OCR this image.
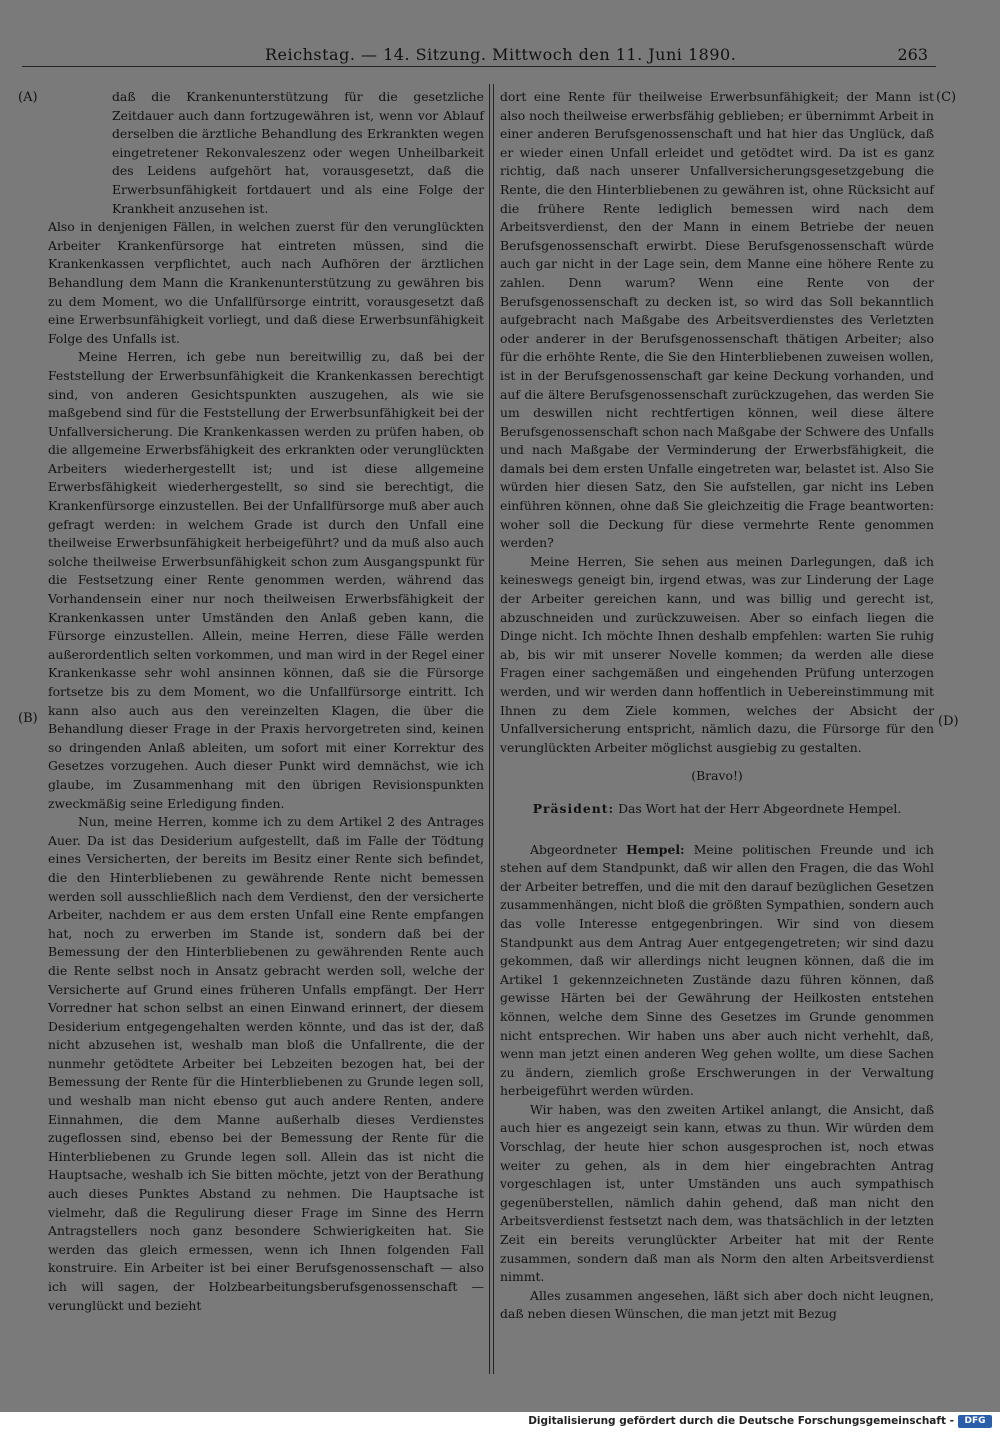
Reichstag. — 14. Sitzung. Mittwoch den 11. Juni 1890.	263
(A)
(B)
(C)
(D)

daß die Krankenunterstützung für die gesetzliche Zeitdauer auch dann fortzugewähren ist, wenn vor Ablauf derselben die ärztliche Behandlung des Erkrankten wegen eingetretener Rekonvaleszenz oder wegen Unheilbarkeit des Leidens aufgehört hat, vorausgesetzt, daß die Erwerbsunfähigkeit fortdauert und als eine Folge der Krankheit anzusehen ist.

Also in denjenigen Fällen, in welchen zuerst für den verunglückten Arbeiter Krankenfürsorge hat eintreten müssen, sind die Krankenkassen verpflichtet, auch nach Aufhören der ärztlichen Behandlung dem Mann die Krankenunterstützung zu gewähren bis zu dem Moment, wo die Unfallfürsorge eintritt, vorausgesetzt daß eine Erwerbsunfähigkeit vorliegt, und daß diese Erwerbsunfähigkeit Folge des Unfalls ist.

Meine Herren, ich gebe nun bereitwillig zu, daß bei der Feststellung der Erwerbsunfähigkeit die Krankenkassen berechtigt sind, von anderen Gesichtspunkten auszugehen, als wie sie maßgebend sind für die Feststellung der Erwerbsunfähigkeit bei der Unfallversicherung. Die Krankenkassen werden zu prüfen haben, ob die allgemeine Erwerbsfähigkeit des erkrankten oder verunglückten Arbeiters wiederhergestellt ist; und ist diese allgemeine Erwerbsfähigkeit wiederhergestellt, so sind sie berechtigt, die Krankenfürsorge einzustellen. Bei der Unfallfürsorge muß aber auch gefragt werden: in welchem Grade ist durch den Unfall eine theilweise Erwerbsunfähigkeit herbeigeführt? und da muß also auch solche theilweise Erwerbsunfähigkeit schon zum Ausgangspunkt für die Festsetzung einer Rente genommen werden, während das Vorhandensein einer nur noch theilweisen Erwerbsfähigkeit der Krankenkassen unter Umständen den Anlaß geben kann, die Fürsorge einzustellen. Allein, meine Herren, diese Fälle werden außerordentlich selten vorkommen, und man wird in der Regel einer Krankenkasse sehr wohl ansinnen können, daß sie die Fürsorge fortsetze bis zu dem Moment, wo die Unfallfürsorge eintritt. Ich kann also auch aus den vereinzelten Klagen, die über die Behandlung dieser Frage in der Praxis hervorgetreten sind, keinen so dringenden Anlaß ableiten, um sofort mit einer Korrektur des Gesetzes vorzugehen. Auch dieser Punkt wird demnächst, wie ich glaube, im Zusammenhang mit den übrigen Revisionspunkten zweckmäßig seine Erledigung finden.

Nun, meine Herren, komme ich zu dem Artikel 2 des Antrages Auer. Da ist das Desiderium aufgestellt, daß im Falle der Tödtung eines Versicherten, der bereits im Besitz einer Rente sich befindet, die den Hinterbliebenen zu gewährende Rente nicht bemessen werden soll ausschließlich nach dem Verdienst, den der versicherte Arbeiter, nachdem er aus dem ersten Unfall eine Rente empfangen hat, noch zu erwerben im Stande ist, sondern daß bei der Bemessung der den Hinterbliebenen zu gewährenden Rente auch die Rente selbst noch in Ansatz gebracht werden soll, welche der Versicherte auf Grund eines früheren Unfalls empfängt. Der Herr Vorredner hat schon selbst an einen Einwand erinnert, der diesem Desiderium entgegengehalten werden könnte, und das ist der, daß nicht abzusehen ist, weshalb man bloß die Unfallrente, die der nunmehr getödtete Arbeiter bei Lebzeiten bezogen hat, bei der Bemessung der Rente für die Hinterbliebenen zu Grunde legen soll, und weshalb man nicht ebenso gut auch andere Renten, andere Einnahmen, die dem Manne außerhalb dieses Verdienstes zugeflossen sind, ebenso bei der Bemessung der Rente für die Hinterbliebenen zu Grunde legen soll. Allein das ist nicht die Hauptsache, weshalb ich Sie bitten möchte, jetzt von der Berathung auch dieses Punktes Abstand zu nehmen. Die Hauptsache ist vielmehr, daß die Regulirung dieser Frage im Sinne des Herrn Antragstellers noch ganz besondere Schwierigkeiten hat. Sie werden das gleich ermessen, wenn ich Ihnen folgenden Fall konstruire. Ein Arbeiter ist bei einer Berufsgenossenschaft — also ich will sagen, der Holzbearbeitungsberufsgenossenschaft — verunglückt und bezieht

dort eine Rente für theilweise Erwerbsunfähigkeit; der Mann ist also noch theilweise erwerbsfähig geblieben; er übernimmt Arbeit in einer anderen Berufsgenossenschaft und hat hier das Unglück, daß er wieder einen Unfall erleidet und getödtet wird. Da ist es ganz richtig, daß nach unserer Unfallversicherungsgesetzgebung die Rente, die den Hinterbliebenen zu gewähren ist, ohne Rücksicht auf die frühere Rente lediglich bemessen wird nach dem Arbeitsverdienst, den der Mann in einem Betriebe der neuen Berufsgenossenschaft erwirbt. Diese Berufsgenossenschaft würde auch gar nicht in der Lage sein, dem Manne eine höhere Rente zu zahlen. Denn warum? Wenn eine Rente von der Berufsgenossenschaft zu decken ist, so wird das Soll bekanntlich aufgebracht nach Maßgabe des Arbeitsverdienstes des Verletzten oder anderer in der Berufsgenossenschaft thätigen Arbeiter; also für die erhöhte Rente, die Sie den Hinterbliebenen zuweisen wollen, ist in der Berufsgenossenschaft gar keine Deckung vorhanden, und auf die ältere Berufsgenossenschaft zurückzugehen, das werden Sie um deswillen nicht rechtfertigen können, weil diese ältere Berufsgenossenschaft schon nach Maßgabe der Schwere des Unfalls und nach Maßgabe der Verminderung der Erwerbsfähigkeit, die damals bei dem ersten Unfalle eingetreten war, belastet ist. Also Sie würden hier diesen Satz, den Sie aufstellen, gar nicht ins Leben einführen können, ohne daß Sie gleichzeitig die Frage beantworten: woher soll die Deckung für diese vermehrte Rente genommen werden?

Meine Herren, Sie sehen aus meinen Darlegungen, daß ich keineswegs geneigt bin, irgend etwas, was zur Linderung der Lage der Arbeiter gereichen kann, und was billig und gerecht ist, abzuschneiden und zurückzuweisen. Aber so einfach liegen die Dinge nicht. Ich möchte Ihnen deshalb empfehlen: warten Sie ruhig ab, bis wir mit unserer Novelle kommen; da werden alle diese Fragen einer sachgemäßen und eingehenden Prüfung unterzogen werden, und wir werden dann hoffentlich in Uebereinstimmung mit Ihnen zu dem Ziele kommen, welches der Absicht der Unfallversicherung entspricht, nämlich dazu, die Fürsorge für den verunglückten Arbeiter möglichst ausgiebig zu gestalten.

(Bravo!)
Präsident: Das Wort hat der Herr Abgeordnete Hempel.

Abgeordneter Hempel: Meine politischen Freunde und ich stehen auf dem Standpunkt, daß wir allen den Fragen, die das Wohl der Arbeiter betreffen, und die mit den darauf bezüglichen Gesetzen zusammenhängen, nicht bloß die größten Sympathien, sondern auch das volle Interesse entgegenbringen. Wir sind von diesem Standpunkt aus dem Antrag Auer entgegengetreten; wir sind dazu gekommen, daß wir allerdings nicht leugnen können, daß die im Artikel 1 gekennzeichneten Zustände dazu führen können, daß gewisse Härten bei der Gewährung der Heilkosten entstehen können, welche dem Sinne des Gesetzes im Grunde genommen nicht entsprechen. Wir haben uns aber auch nicht verhehlt, daß, wenn man jetzt einen anderen Weg gehen wollte, um diese Sachen zu ändern, ziemlich große Erschwerungen in der Verwaltung herbeigeführt werden würden.

Wir haben, was den zweiten Artikel anlangt, die Ansicht, daß auch hier es angezeigt sein kann, etwas zu thun. Wir würden dem Vorschlag, der heute hier schon ausgesprochen ist, noch etwas weiter zu gehen, als in dem hier eingebrachten Antrag vorgeschlagen ist, unter Umständen uns auch sympathisch gegenüberstellen, nämlich dahin gehend, daß man nicht den Arbeitsverdienst festsetzt nach dem, was thatsächlich in der letzten Zeit ein bereits verunglückter Arbeiter hat mit der Rente zusammen, sondern daß man als Norm den alten Arbeitsverdienst nimmt.

Alles zusammen angesehen, läßt sich aber doch nicht leugnen, daß neben diesen Wünschen, die man jetzt mit Bezug

Digitalisierung gefördert durch die Deutsche Forschungsgemeinschaft -	DFG
